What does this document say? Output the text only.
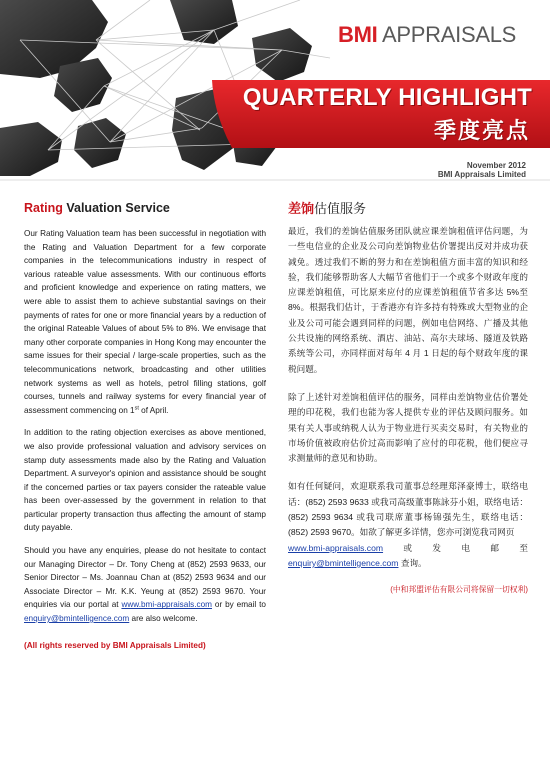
BMI APPRAISALS
QUARTERLY HIGHLIGHT
季度亮点
November 2012
BMI Appraisals Limited
Rating Valuation Service

Our Rating Valuation team has been successful in negotiation with the Rating and Valuation Department for a few corporate companies in the telecommunications industry in respect of various rateable value assessments. With our continuous efforts and proficient knowledge and experience on rating matters, we were able to assist them to achieve substantial savings on their payments of rates for one or more financial years by a reduction of the original Rateable Values of about 5% to 8%. We envisage that many other corporate companies in Hong Kong may encounter the same issues for their special / large-scale properties, such as the telecommunications network, broadcasting and other utilities network systems as well as hotels, petrol filling stations, golf courses, tunnels and railway systems for every financial year of assessment commencing on 1st of April.

In addition to the rating objection exercises as above mentioned, we also provide professional valuation and advisory services on stamp duty assessments made also by the Rating and Valuation Department. A surveyor's opinion and assistance should be sought if the concerned parties or tax payers consider the rateable value has been over-assessed by the government in relation to that particular property transaction thus affecting the amount of stamp duty payable.

Should you have any enquiries, please do not hesitate to contact our Managing Director – Dr. Tony Cheng at (852) 2593 9633, our Senior Director – Ms. Joannau Chan at (852) 2593 9634 and our Associate Director – Mr. K.K. Yeung at (852) 2593 9670. Your enquiries via our portal at www.bmi-appraisals.com or by email to enquiry@bmintelligence.com are also welcome.

(All rights reserved by BMI Appraisals Limited)

差饷估值服务

最近，我们的差饷估值服务团队就应课差饷租值评估问题，为一些电信业的企业及公司向差饷物业估价署提出反对并成功获减免。透过我们不断的努力和在差饷租值方面丰富的知识和经验，我们能够帮助客人大幅节省他们于一个或多个财政年度的应课差饷租值，可比原来应付的应课差饷租值节省多达 5%至 8%。根据我们估计，于香港亦有许多持有特殊或大型物业的企业及公司可能会遇到同样的问题，例如电信网络、广播及其他公共设施的网络系统、酒店、油站、高尔夫球场、隧道及铁路系统等公司，亦同样面对每年 4 月 1 日起的每个财政年度的课税问题。

除了上述针对差饷租值评估的服务，同样由差饷物业估价署处理的印花税，我们也能为客人提供专业的评估及顾问服务。如果有关人事或纳税人认为于物业进行买卖交易时，有关物业的市场价值被政府估价过高而影响了应付的印花税，他们便应寻求测量师的意见和协助。

如有任何疑问，欢迎联系我司董事总经理郑泽豪博士，联络电话：(852) 2593 9633 或我司高级董事陈詠芬小姐，联络电话：(852) 2593 9634 或我司联席董事杨锦强先生，联络电话：(852) 2593 9670。如欲了解更多详情，您亦可浏览我司网页
www.bmi-appraisals.com 或 发 电 邮 至
enquiry@bmintelligence.com 查询。

(中和邦盟评估有限公司将保留一切权利)
